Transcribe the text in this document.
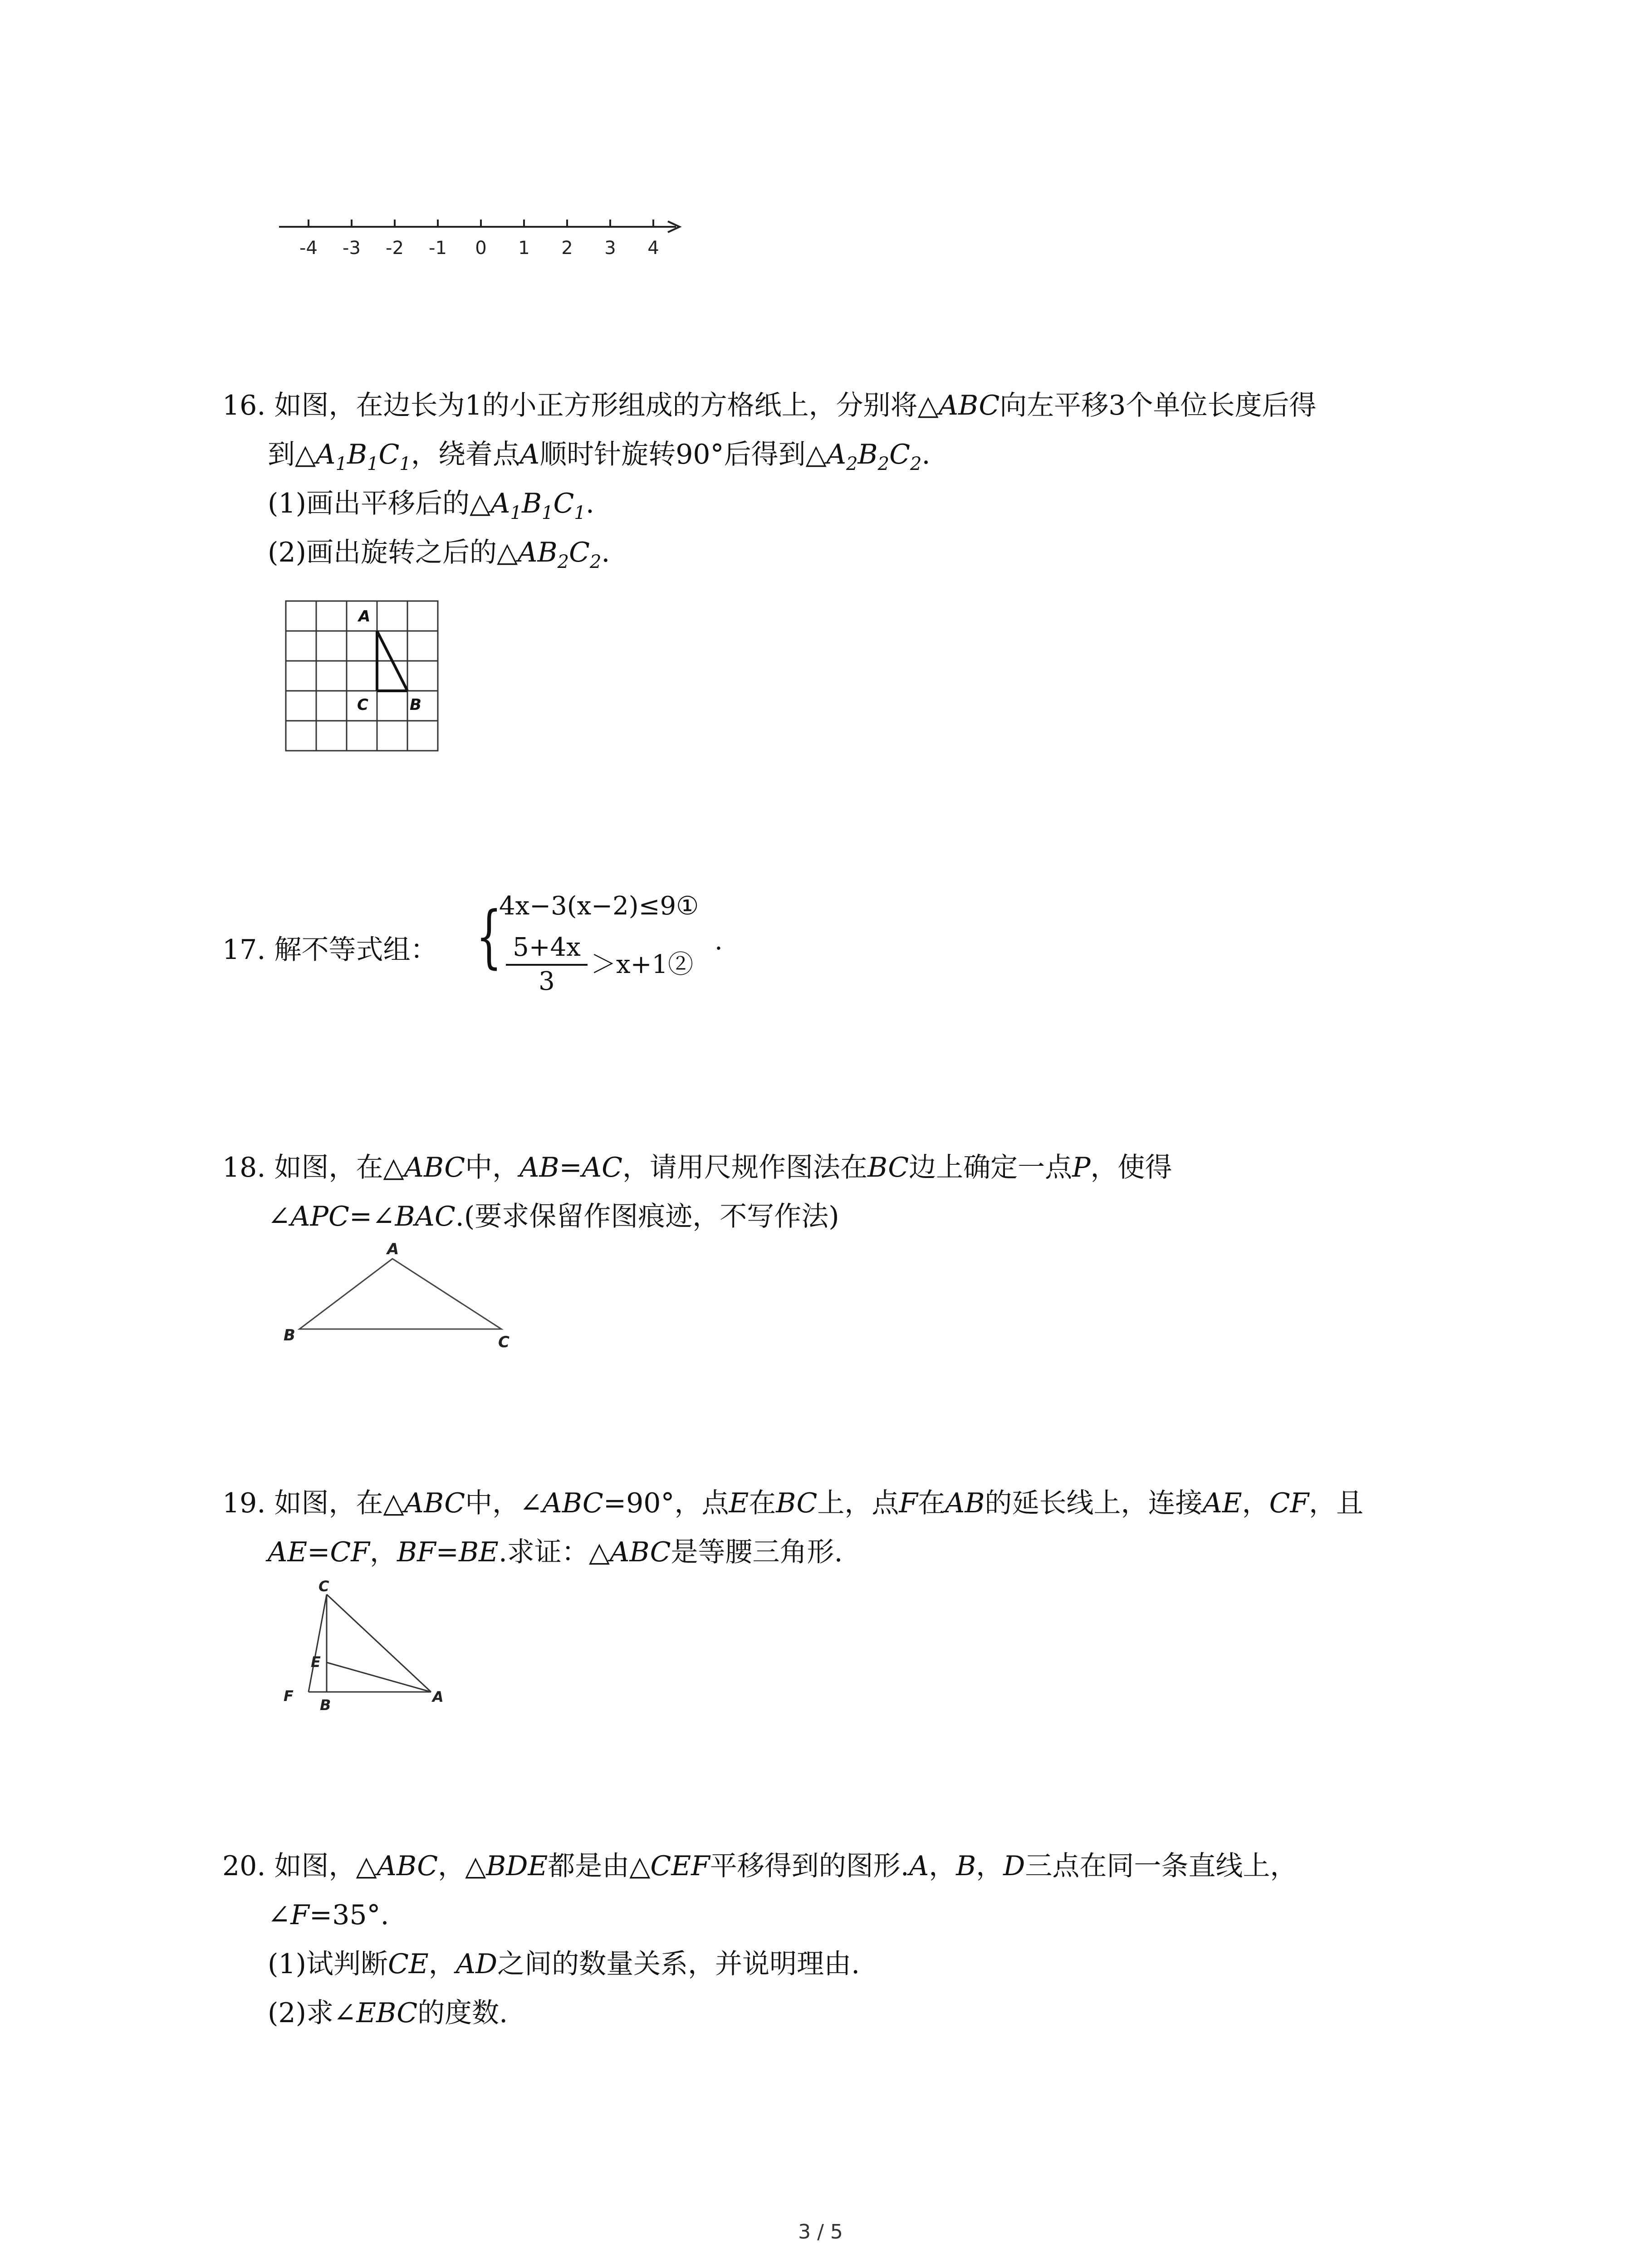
-4 -3 -2 -1 0 1 2 3 4
16. 如图，在边长为1的小正方形组成的方格纸上，分别将△ABC向左平移3个单位长度后得
到$\triangle A_1B_1C_1$，绕着点A顺时针旋转90°后得到$\triangle A_2B_2C_2$.
(1)画出平移后的$\triangle A_1B_1C_1$.
(2)画出旋转之后的$\triangle AB_2C_2$.
A
C	B
17. 解不等式组： {
4x−3(x−2)≤9①
$\frac{5+4x}{3}$ ＞x+1②
.
18. 如图，在△ABC中，AB=AC，请用尺规作图法在BC边上确定一点P，使得
∠APC=∠BAC.(要求保留作图痕迹，不写作法)
A
B	C
19. 如图，在△ABC中，∠ABC=90°，点E在BC上，点F在AB的延长线上，连接AE，CF，且
AE=CF，BF=BE.求证：△ABC是等腰三角形.
C
E
F
B	A
20. 如图，△ABC，△BDE都是由△CEF平移得到的图形.A，B，D三点在同一条直线上，
∠F=35°.
(1)试判断CE，AD之间的数量关系，并说明理由.
(2)求∠EBC的度数.
3 / 5
